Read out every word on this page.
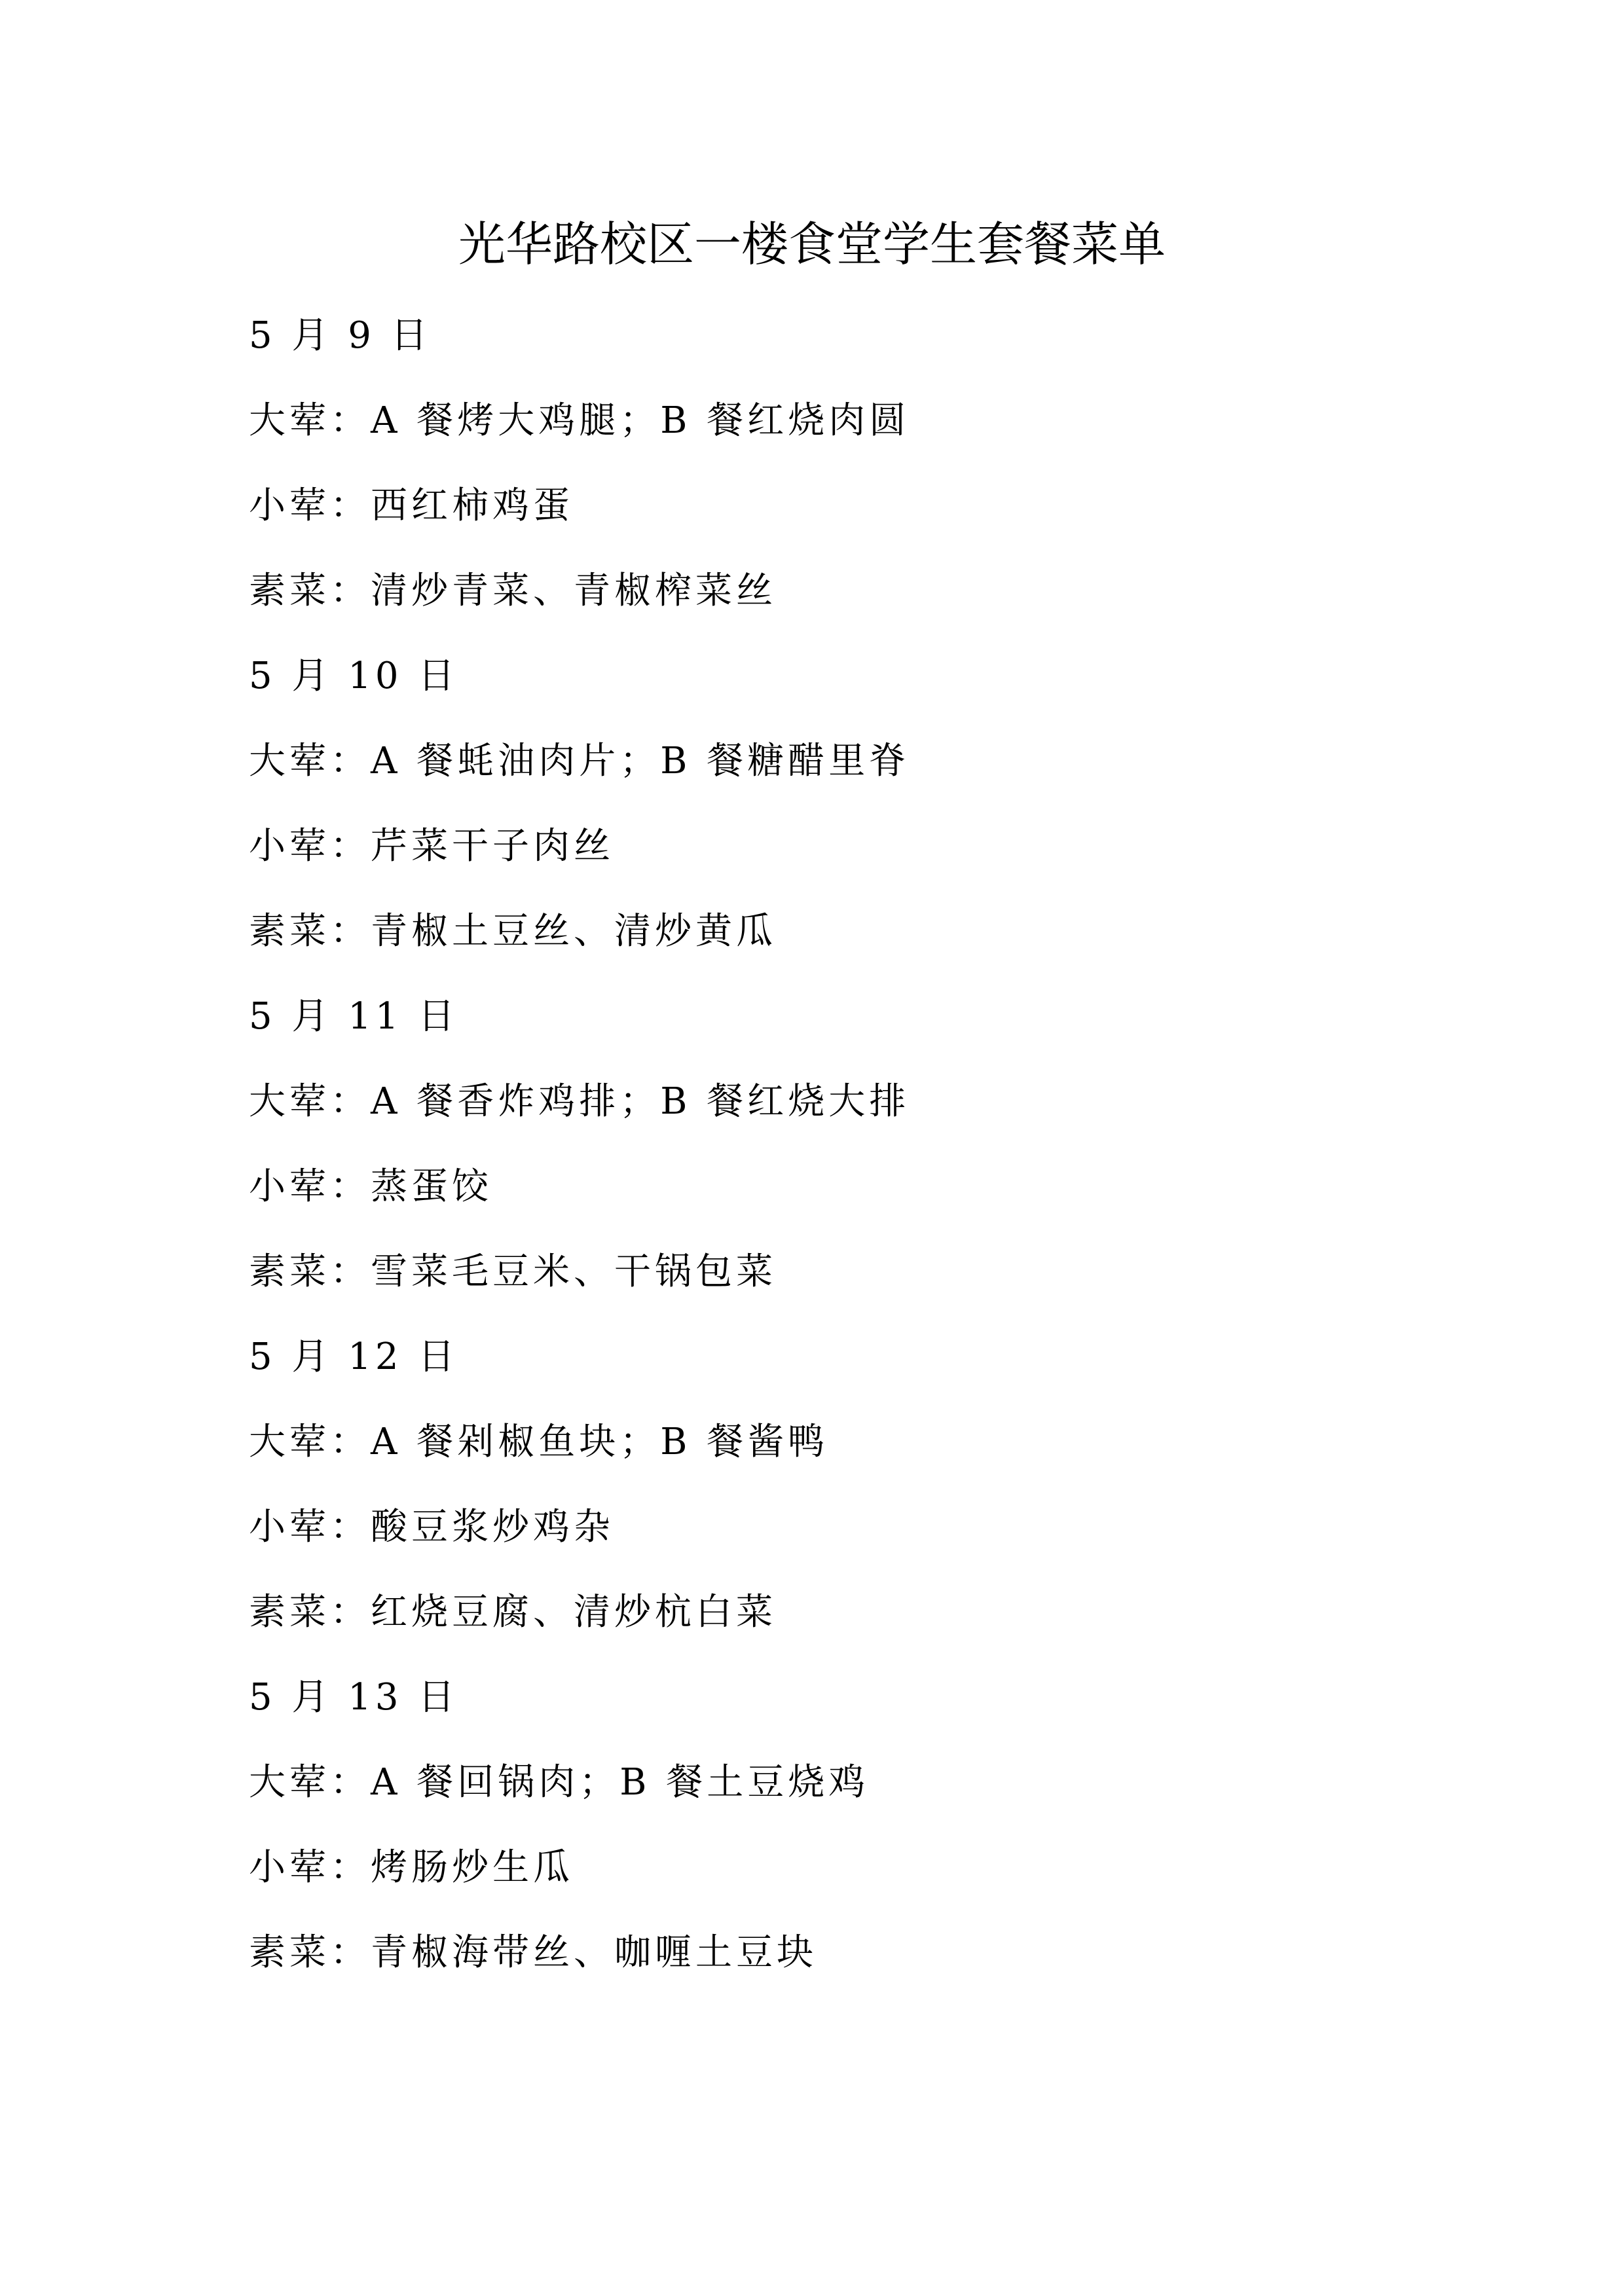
光华路校区一楼食堂学生套餐菜单
5 月 9 日
大荤：A 餐烤大鸡腿；B 餐红烧肉圆
小荤：西红柿鸡蛋
素菜：清炒青菜、青椒榨菜丝
5 月 10 日
大荤：A 餐蚝油肉片；B 餐糖醋里脊
小荤：芹菜干子肉丝
素菜：青椒土豆丝、清炒黄瓜
5 月 11 日
大荤：A 餐香炸鸡排；B 餐红烧大排
小荤：蒸蛋饺
素菜：雪菜毛豆米、干锅包菜
5 月 12 日
大荤：A 餐剁椒鱼块；B 餐酱鸭
小荤：酸豆浆炒鸡杂
素菜：红烧豆腐、清炒杭白菜
5 月 13 日
大荤：A 餐回锅肉；B 餐土豆烧鸡
小荤：烤肠炒生瓜
素菜：青椒海带丝、咖喱土豆块
